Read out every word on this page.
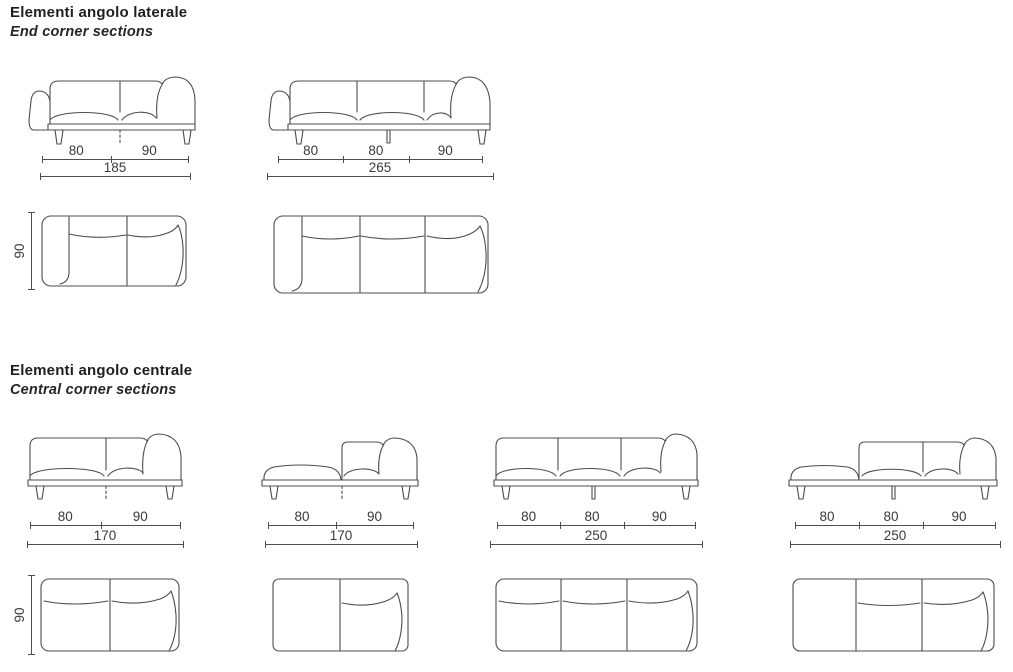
Elementi angolo laterale
End corner sections
80	90
185
80	80	90
265
90
Elementi angolo centrale
Central corner sections
80	90
170
80	90
170
80	80	90
250
80	80	90
250
90
